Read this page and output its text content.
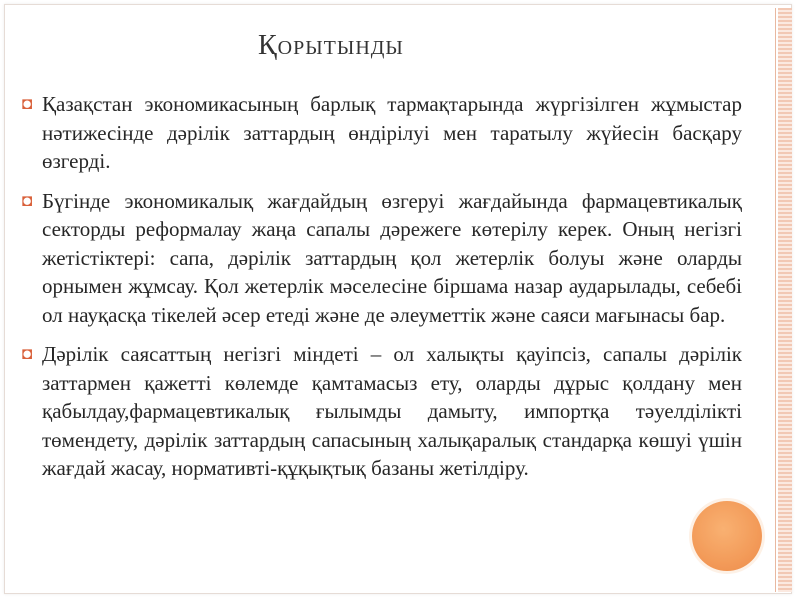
Қорытынды
◘ Қазақстан экономикасының барлық тармақтарында жүргізілген жұмыстар нәтижесінде дәрілік заттардың өндірілуі мен таратылу жүйесін басқару өзгерді.
◘ Бүгінде экономикалық жағдайдың өзгеруі жағдайында фармацевтикалық секторды реформалау жаңа сапалы дәрежеге көтерілу керек. Оның негізгі жетістіктері: сапа, дәрілік заттардың қол жетерлік болуы және оларды орнымен жұмсау. Қол жетерлік мәселесіне біршама назар аударылады, себебі ол науқасқа тікелей әсер етеді және де әлеуметтік және саяси мағынасы бар.
◘ Дәрілік саясаттың негізгі міндеті – ол халықты қауіпсіз, сапалы дәрілік заттармен қажетті көлемде қамтамасыз ету, оларды дұрыс қолдану мен қабылдау,фармацевтикалық ғылымды дамыту, импортқа тәуелділікті төмендету, дәрілік заттардың сапасының халықаралық стандарқа көшуі үшін жағдай жасау, нормативті-құқықтық базаны жетілдіру.
